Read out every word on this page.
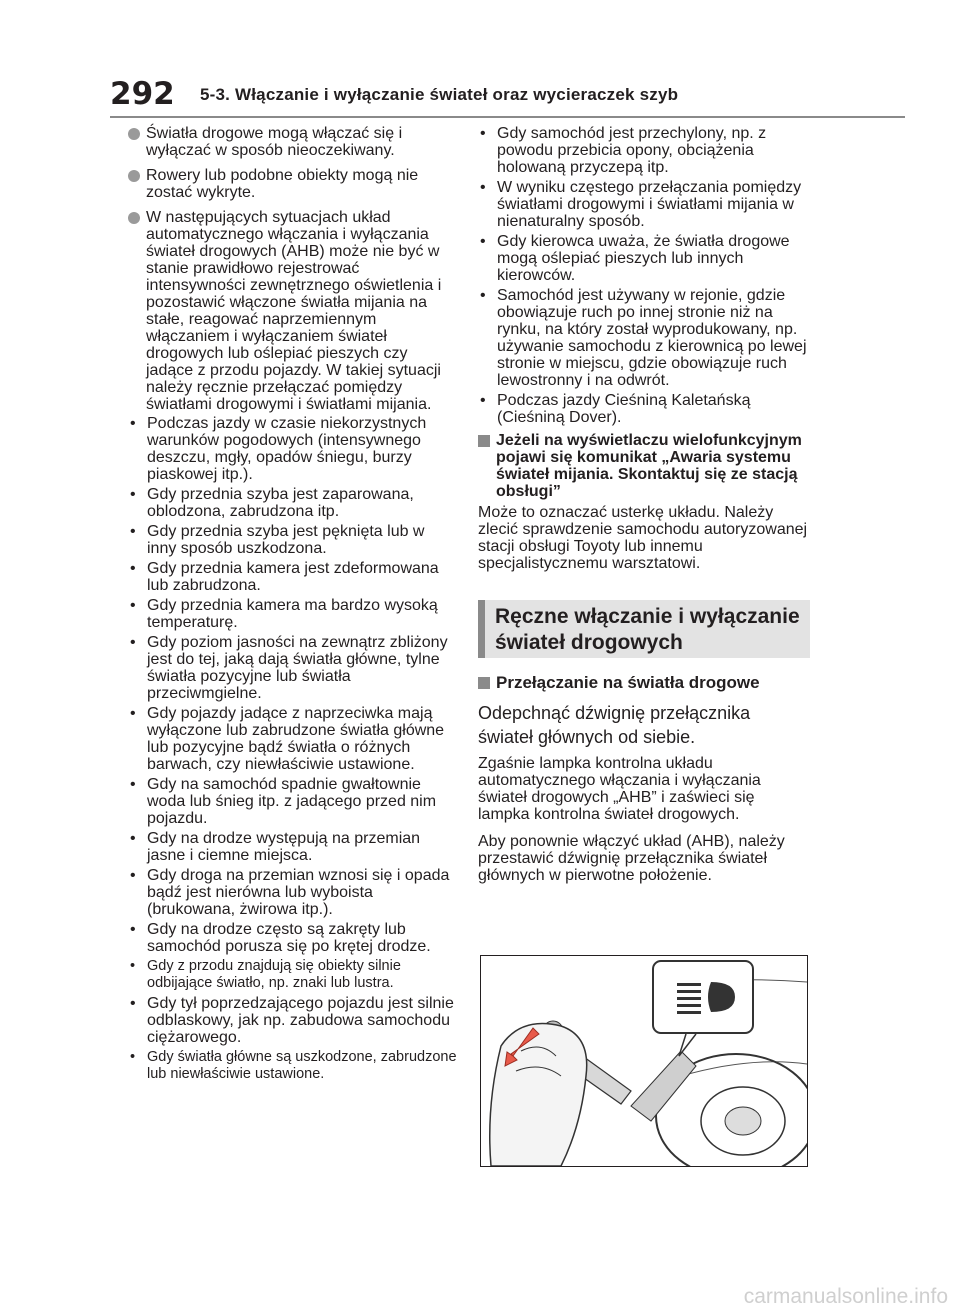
292 5-3. Włączanie i wyłączanie świateł oraz wycieraczek szyb
Światła drogowe mogą włączać się i wyłączać w sposób nieoczekiwany.
Rowery lub podobne obiekty mogą nie zostać wykryte.
W następujących sytuacjach układ automatycznego włączania i wyłączania świateł drogowych (AHB) może nie być w stanie prawidłowo rejestrować intensywności zewnętrznego oświetlenia i pozostawić włączone światła mijania na stałe, reagować naprzemiennym włączaniem i wyłączaniem świateł drogowych lub oślepiać pieszych czy jadące z przodu pojazdy. W takiej sytuacji należy ręcznie przełączać pomiędzy światłami drogowymi i światłami mijania.
• Podczas jazdy w czasie niekorzystnych warunków pogodowych (intensywnego deszczu, mgły, opadów śniegu, burzy piaskowej itp.).
• Gdy przednia szyba jest zaparowana, oblodzona, zabrudzona itp.
• Gdy przednia szyba jest pęknięta lub w inny sposób uszkodzona.
• Gdy przednia kamera jest zdeformowana lub zabrudzona.
• Gdy przednia kamera ma bardzo wysoką temperaturę.
• Gdy poziom jasności na zewnątrz zbliżony jest do tej, jaką dają światła główne, tylne światła pozycyjne lub światła przeciwmgielne.
• Gdy pojazdy jadące z naprzeciwka mają wyłączone lub zabrudzone światła główne lub pozycyjne bądź światła o różnych barwach, czy niewłaściwie ustawione.
• Gdy na samochód spadnie gwałtownie woda lub śnieg itp. z jadącego przed nim pojazdu.
• Gdy na drodze występują na przemian jasne i ciemne miejsca.
• Gdy droga na przemian wznosi się i opada bądź jest nierówna lub wyboista (brukowana, żwirowa itp.).
• Gdy na drodze często są zakręty lub samochód porusza się po krętej drodze.
• Gdy z przodu znajdują się obiekty silnie odbijające światło, np. znaki lub lustra.
• Gdy tył poprzedzającego pojazdu jest silnie odblaskowy, jak np. zabudowa samochodu ciężarowego.
• Gdy światła główne są uszkodzone, zabrudzone lub niewłaściwie ustawione.
• Gdy samochód jest przechylony, np. z powodu przebicia opony, obciążenia holowaną przyczepą itp.
• W wyniku częstego przełączania pomiędzy światłami drogowymi i światłami mijania w nienaturalny sposób.
• Gdy kierowca uważa, że światła drogowe mogą oślepiać pieszych lub innych kierowców.
• Samochód jest używany w rejonie, gdzie obowiązuje ruch po innej stronie niż na rynku, na który został wyprodukowany, np. używanie samochodu z kierownicą po lewej stronie w miejscu, gdzie obowiązuje ruch lewostronny i na odwrót.
• Podczas jazdy Cieśniną Kaletańską (Cieśniną Dover).
Jeżeli na wyświetlaczu wielofunkcyjnym pojawi się komunikat „Awaria systemu świateł mijania. Skontaktuj się ze stacją obsługi”

Może to oznaczać usterkę układu. Należy zlecić sprawdzenie samochodu autoryzowanej stacji obsługi Toyoty lub innemu specjalistycznemu warsztatowi.

Ręczne włączanie i wyłączanie świateł drogowych
Przełączanie na światła drogowe
Odepchnąć dźwignię przełącznika świateł głównych od siebie.

Zgaśnie lampka kontrolna układu automatycznego włączania i wyłączania świateł drogowych „AHB” i zaświeci się lampka kontrolna świateł drogowych.

Aby ponownie włączyć układ (AHB), należy przestawić dźwignię przełącznika świateł głównych w pierwotne położenie.

carmanualsonline.info
